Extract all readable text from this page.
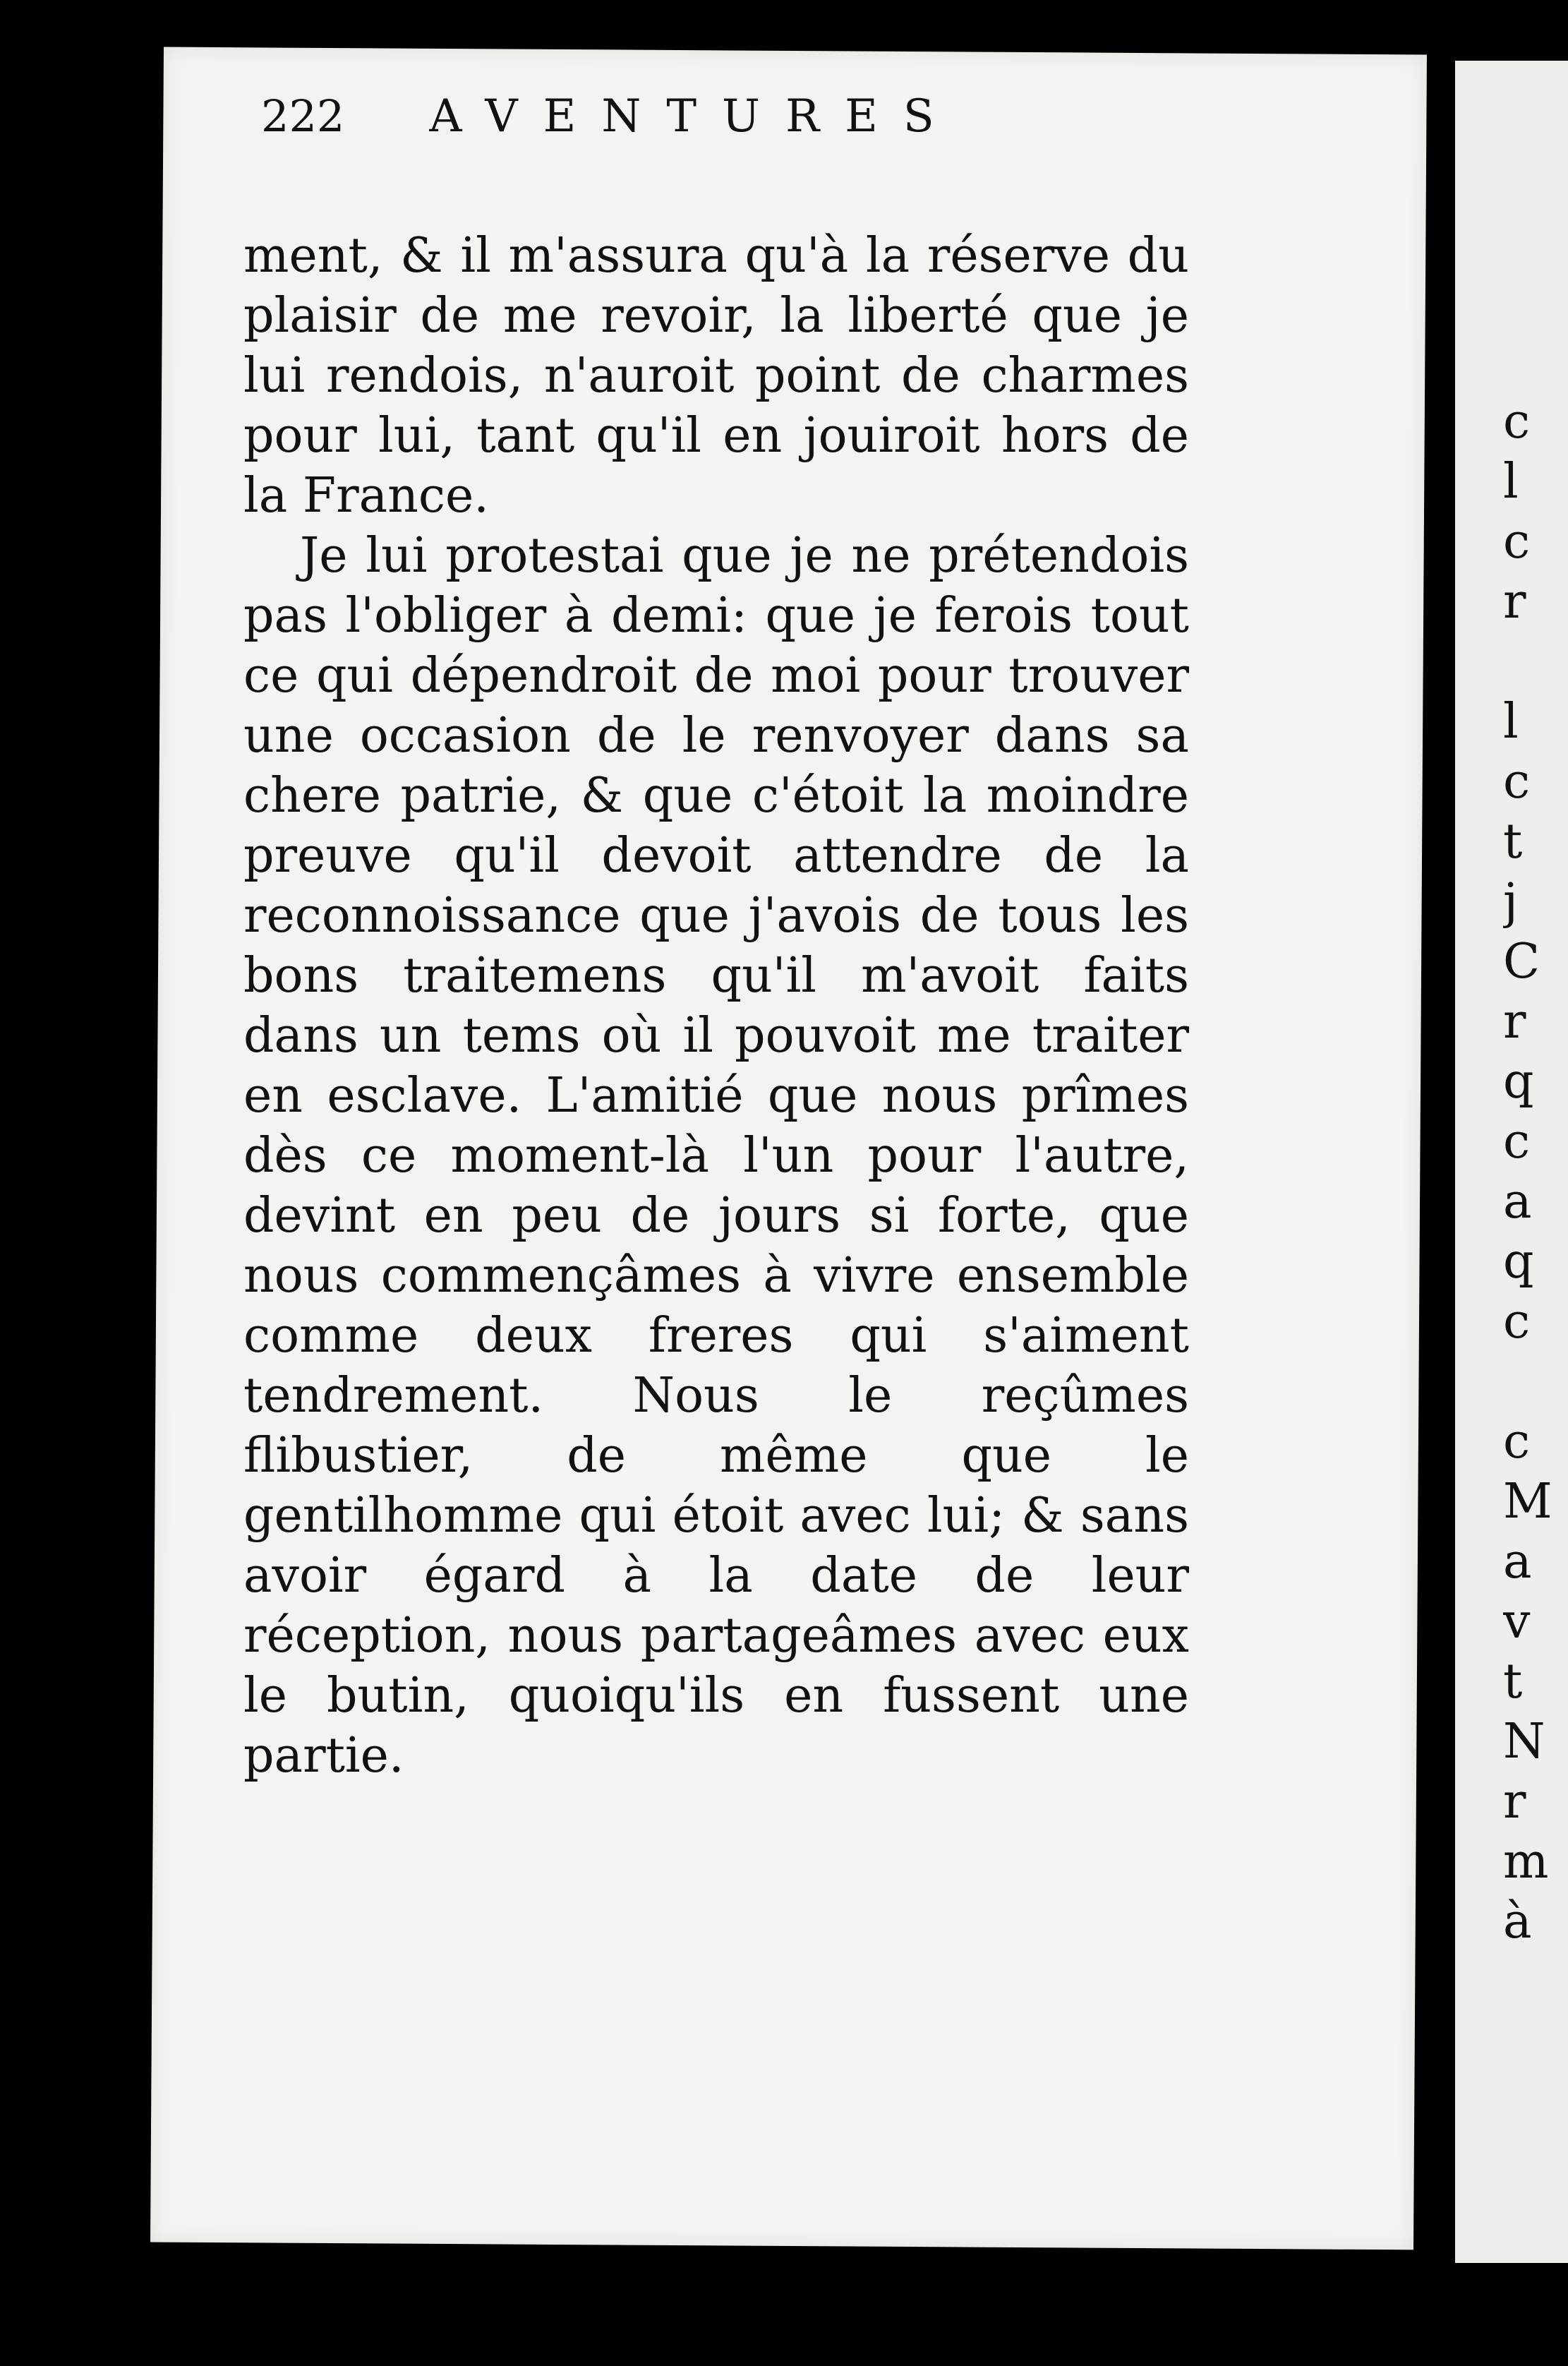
222 AVENTURES

ment, & il m'assura qu'à la réserve du plaisir de me revoir, la liberté que je lui rendois, n'auroit point de charmes pour lui, tant qu'il en jouiroit hors de la France.

Je lui protestai que je ne prétendois pas l'obliger à demi: que je ferois tout ce qui dépendroit de moi pour trouver une occasion de le renvoyer dans sa chere patrie, & que c'étoit la moindre preuve qu'il devoit attendre de la reconnoissance que j'avois de tous les bons traitemens qu'il m'avoit faits dans un tems où il pouvoit me traiter en esclave. L'amitié que nous prîmes dès ce moment-là l'un pour l'autre, devint en peu de jours si forte, que nous commençâmes à vivre ensemble comme deux freres qui s'aiment tendrement. Nous le reçûmes flibustier, de même que le gentilhomme qui étoit avec lui; & sans avoir égard à la date de leur réception, nous partageâmes avec eux le butin, quoiqu'ils en fussent une partie.

c
l
c
r

l
c
t
j
C
r
q
c
a
q
c

c
M
a
v
t
N
r
m
à
